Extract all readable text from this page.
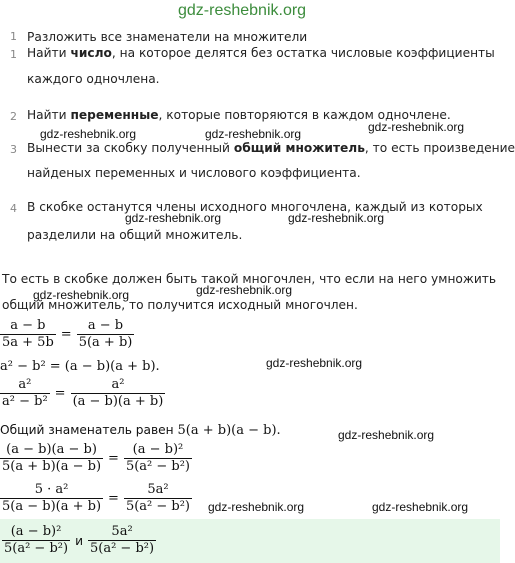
gdz-reshebnik.org
1 Разложить все знаменатели на множители
1 Найти число, на которое делятся без остатка числовые коэффициенты
каждого одночлена.
2 Найти переменные, которые повторяются в каждом одночлене.
gdz-reshebnik.org	gdz-reshebnik.org	gdz-reshebnik.org
3 Вынести за скобку полученный общий множитель, то есть произведение
найденых переменных и числового коэффициента.
4 В скобке останутся члены исходного многочлена, каждый из которых
gdz-reshebnik.org	gdz-reshebnik.org
разделили на общий множитель.
То есть в скобке должен быть такой многочлен, что если на него умножить
gdz-reshebnik.org	gdz-reshebnik.org
общий множитель, то получится исходный многочлен.
$\frac{a - b}{5a + 5b} = \frac{a - b}{5(a + b)}$
a² − b² = (a − b)(a + b).	gdz-reshebnik.org
$\frac{\text{a²}}{\text{a² − b²}} = \frac{\text{a²}}{(a - b)(a + b)}$
Общий знаменатель равен 5(a + b)(a − b).	gdz-reshebnik.org
$\frac{(a - b)(a - b)}{5(a + b)(a - b)} = \frac{\text{(a − b)²}}{\text{5(a² − b²)}}$
$\frac{\text{5 · a²}}{5(a - b)(a + b)} = \frac{\text{5a²}}{\text{5(a² − b²)}}$ gdz-reshebnik.org	gdz-reshebnik.org
$\frac{\text{(a − b)²}}{\text{5(a² − b²)}}$ и $\frac{\text{5a²}}{\text{5(a² − b²)}}$
